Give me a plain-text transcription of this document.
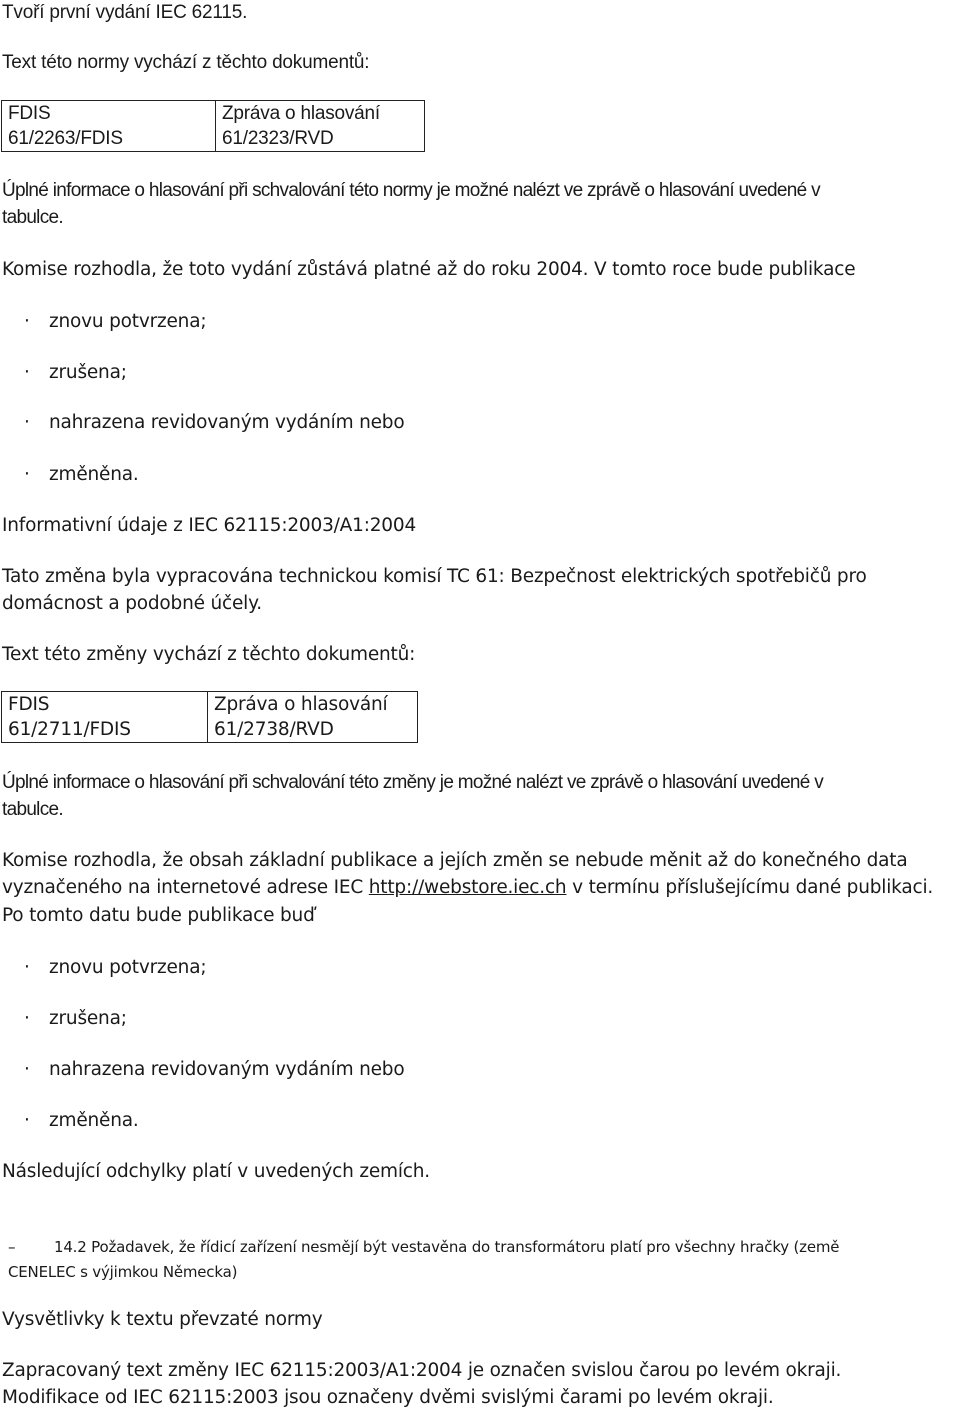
Tvoří první vydání IEC 62115.
Text této normy vychází z těchto dokumentů:
FDIS	Zpráva o hlasování
61/2263/FDIS	61/2323/RVD
Úplné informace o hlasování při schvalování této normy je možné nalézt ve zprávě o hlasování uvedené v
tabulce.
Komise rozhodla, že toto vydání zůstává platné až do roku 2004. V tomto roce bude publikace
· znovu potvrzena;
· zrušena;
· nahrazena revidovaným vydáním nebo
· změněna.
Informativní údaje z IEC 62115:2003/A1:2004
Tato změna byla vypracována technickou komisí TC 61: Bezpečnost elektrických spotřebičů pro
domácnost a podobné účely.
Text této změny vychází z těchto dokumentů:
FDIS	Zpráva o hlasování
61/2711/FDIS	61/2738/RVD
Úplné informace o hlasování při schvalování této změny je možné nalézt ve zprávě o hlasování uvedené v
tabulce.
Komise rozhodla, že obsah základní publikace a jejích změn se nebude měnit až do konečného data
vyznačeného na internetové adrese IEC http://webstore.iec.ch v termínu příslušejícímu dané publikaci.
Po tomto datu bude publikace buď
· znovu potvrzena;
· zrušena;
· nahrazena revidovaným vydáním nebo
· změněna.
Následující odchylky platí v uvedených zemích.
–	14.2 Požadavek, že řídicí zařízení nesmějí být vestavěna do transformátoru platí pro všechny hračky (země
CENELEC s výjimkou Německa)
Vysvětlivky k textu převzaté normy
Zapracovaný text změny IEC 62115:2003/A1:2004 je označen svislou čarou po levém okraji.
Modifikace od IEC 62115:2003 jsou označeny dvěmi svislými čarami po levém okraji.
